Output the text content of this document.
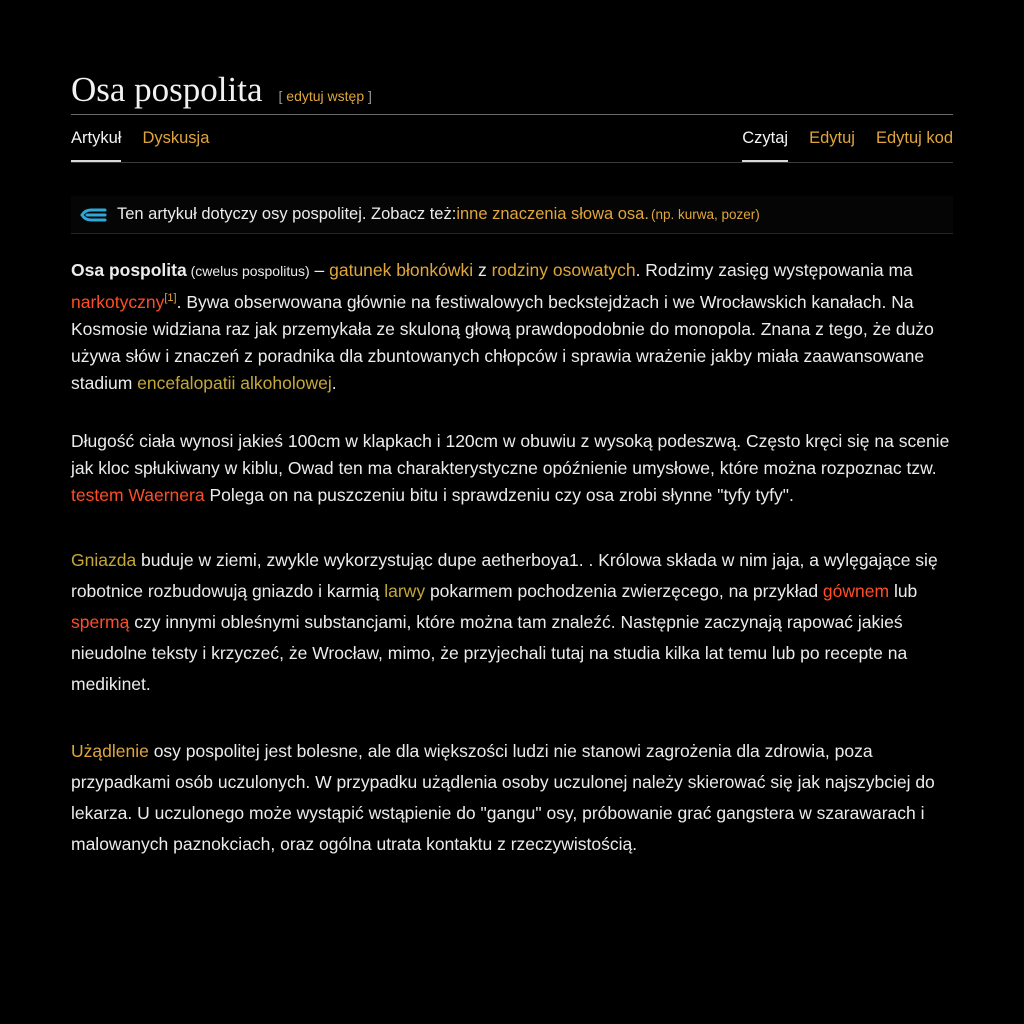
Osa pospolita [ edytuj wstęp ]
Artykuł Dyskusja	Czytaj Edytuj Edytuj kod
Ten artykuł dotyczy osy pospolitej. Zobacz też: inne znaczenia słowa osa. (np. kurwa, pozer)

Osa pospolita (cwelus pospolitus) – gatunek błonkówki z rodziny osowatych. Rodzimy zasięg występowania ma narkotyczny[1]. Bywa obserwowana głównie na festiwalowych beckstejdżach i we Wrocławskich kanałach. Na Kosmosie widziana raz jak przemykała ze skuloną głową prawdopodobnie do monopola. Znana z tego, że dużo używa słów i znaczeń z poradnika dla zbuntowanych chłopców i sprawia wrażenie jakby miała zaawansowane stadium encefalopatii alkoholowej.

Długość ciała wynosi jakieś 100cm w klapkach i 120cm w obuwiu z wysoką podeszwą. Często kręci się na scenie jak kloc spłukiwany w kiblu, Owad ten ma charakterystyczne opóźnienie umysłowe, które można rozpoznac tzw. testem Waernera Polega on na puszczeniu bitu i sprawdzeniu czy osa zrobi słynne "tyfy tyfy".

Gniazda buduje w ziemi, zwykle wykorzystując dupe aetherboya1. . Królowa składa w nim jaja, a wylęgające się robotnice rozbudowują gniazdo i karmią larwy pokarmem pochodzenia zwierzęcego, na przykład gównem lub spermą czy innymi obleśnymi substancjami, które można tam znaleźć. Następnie zaczynają rapować jakieś nieudolne teksty i krzyczeć, że Wrocław, mimo, że przyjechali tutaj na studia kilka lat temu lub po recepte na medikinet.

Użądlenie osy pospolitej jest bolesne, ale dla większości ludzi nie stanowi zagrożenia dla zdrowia, poza przypadkami osób uczulonych. W przypadku użądlenia osoby uczulonej należy skierować się jak najszybciej do lekarza. U uczulonego może wystąpić wstąpienie do "gangu" osy, próbowanie grać gangstera w szarawarach i malowanych paznokciach, oraz ogólna utrata kontaktu z rzeczywistością.
